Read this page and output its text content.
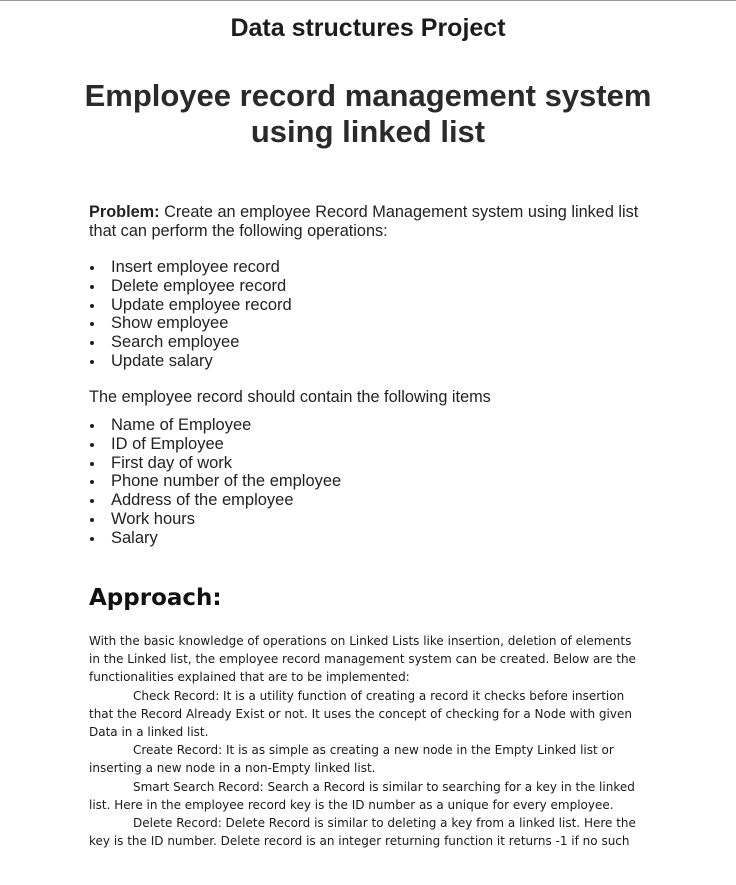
Data structures Project
Employee record management system
using linked list
Problem: Create an employee Record Management system using linked list that can perform the following operations:
Insert employee record
Delete employee record
Update employee record
Show employee
Search employee
Update salary
The employee record should contain the following items
Name of Employee
ID of Employee
First day of work
Phone number of the employee
Address of the employee
Work hours
Salary
Approach:

With the basic knowledge of operations on Linked Lists like insertion, deletion of elements in the Linked list, the employee record management system can be created. Below are the functionalities explained that are to be implemented:

Check Record: It is a utility function of creating a record it checks before insertion that the Record Already Exist or not. It uses the concept of checking for a Node with given Data in a linked list.

Create Record: It is as simple as creating a new node in the Empty Linked list or inserting a new node in a non-Empty linked list.

Smart Search Record: Search a Record is similar to searching for a key in the linked list. Here in the employee record key is the ID number as a unique for every employee.

Delete Record: Delete Record is similar to deleting a key from a linked list. Here the key is the ID number. Delete record is an integer returning function it returns -1 if no such
